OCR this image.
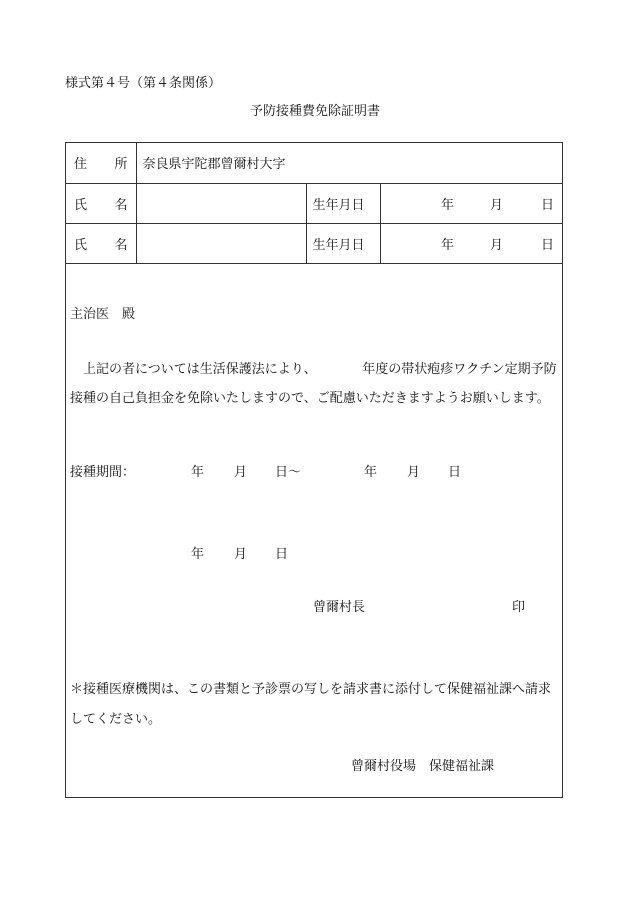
様式第４号（第４条関係）
予防接種費免除証明書
住 所	奈良県宇陀郡曾爾村大字		

氏 名		生年月日	年 月 日

氏 名		生年月日	年 月 日
主治医　殿
　上記の者については生活保護法により、　　　　年度の帯状疱疹ワクチン定期予防接種の自己負担金を免除いたしますので、ご配慮いただきますようお願いします。
接種期間：	年 月 日〜	年 月 日
年 月 日
曾爾村長	印
＊接種医療機関は、この書類と予診票の写しを請求書に添付して保健福祉課へ請求してください。
曾爾村役場　保健福祉課
